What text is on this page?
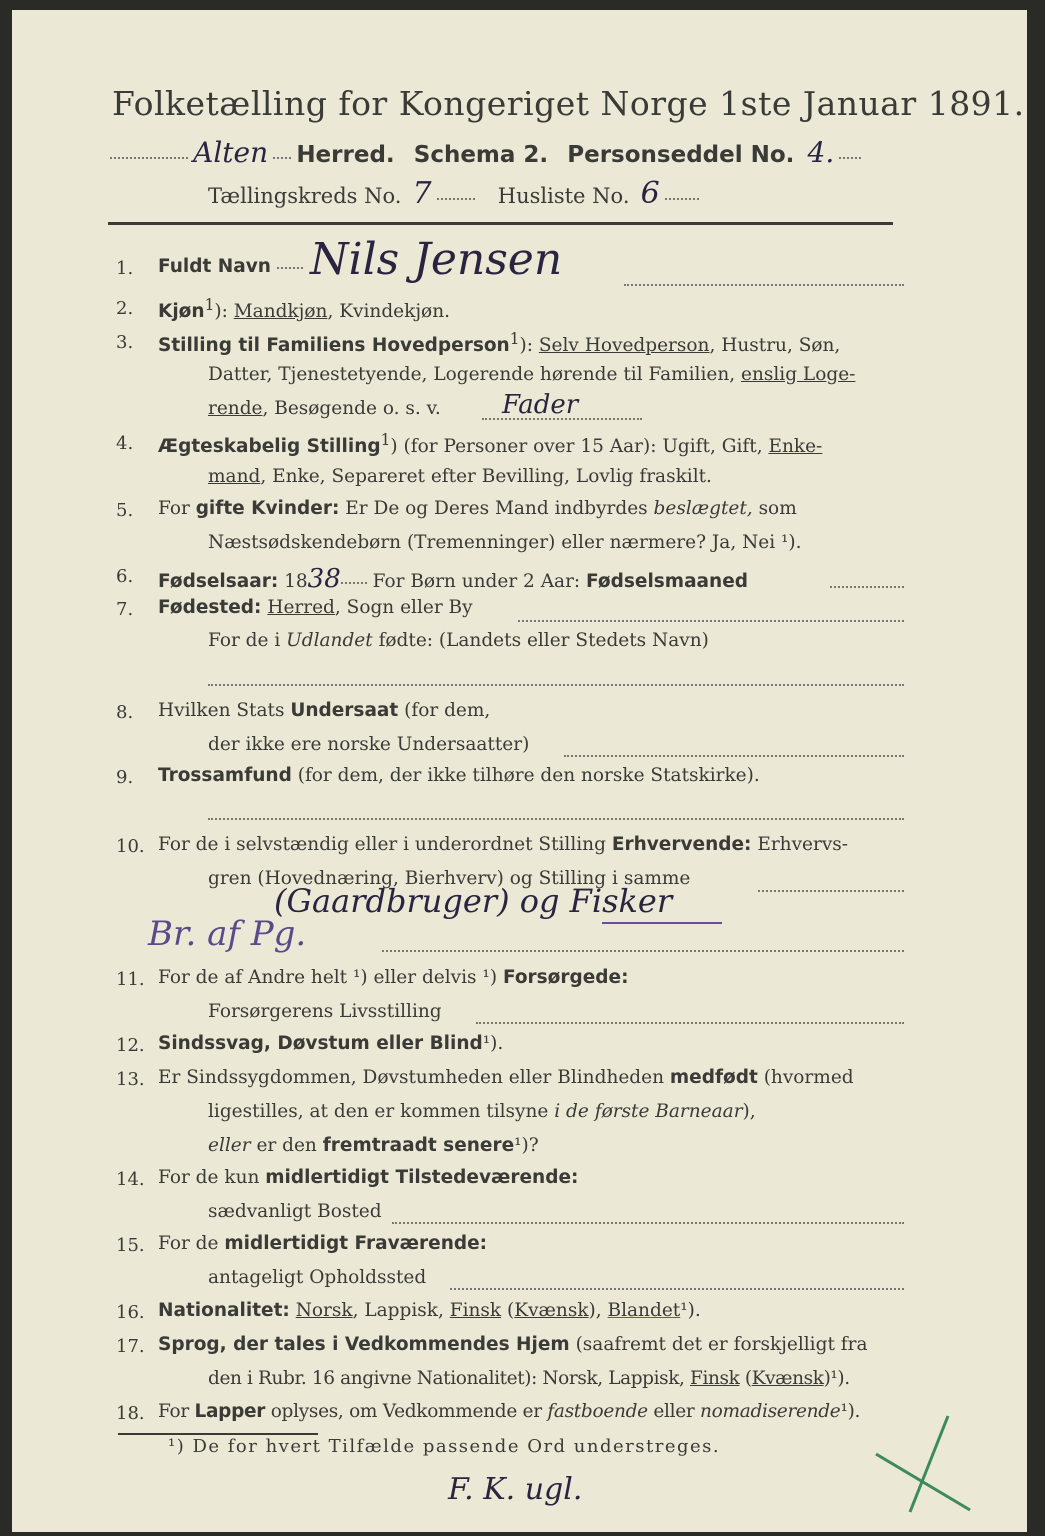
Folketælling for Kongeriget Norge 1ste Januar 1891.
Alten Herred. Schema 2. Personseddel No. 4.
Tællingskreds No. 7	Husliste No. 6
1. Fuldt Navn Nils Jensen
2. Kjøn$^1$): Mandkjøn, Kvindekjøn.
3. Stilling til Familiens Hovedperson$^1$): Selv Hovedperson, Hustru, Søn,
Datter, Tjenestetyende, Logerende hørende til Familien, enslig Loge-
rende, Besøgende o. s. v. Fader
4. Ægteskabelig Stilling$^1$) (for Personer over 15 Aar): Ugift, Gift, Enke-
mand, Enke, Separeret efter Bevilling, Lovlig fraskilt.
5. For gifte Kvinder: Er De og Deres Mand indbyrdes beslægtet, som
Næstsødskendebørn (Tremenninger) eller nærmere? Ja, Nei ¹).
6. Fødselsaar: 1838 For Børn under 2 Aar: Fødselsmaaned
7. Fødested: Herred, Sogn eller By
For de i Udlandet fødte: (Landets eller Stedets Navn)
8. Hvilken Stats Undersaat (for dem,
der ikke ere norske Undersaatter)
9. Trossamfund (for dem, der ikke tilhøre den norske Statskirke).
10. For de i selvstændig eller i underordnet Stilling Erhvervende: Erhvervs-
gren (Hovednæring, Bierhverv) og Stilling i samme
(Gaardbruger) og Fisker
Br. af Pg.
11. For de af Andre helt ¹) eller delvis ¹) Forsørgede:
Forsørgerens Livsstilling
12. Sindssvag, Døvstum eller Blind¹).
13. Er Sindssygdommen, Døvstumheden eller Blindheden medfødt (hvormed
ligestilles, at den er kommen tilsyne i de første Barneaar),
eller er den fremtraadt senere¹)?
14. For de kun midlertidigt Tilstedeværende:
sædvanligt Bosted
15. For de midlertidigt Fraværende:
antageligt Opholdssted
16. Nationalitet: Norsk, Lappisk, Finsk (Kvænsk), Blandet¹).
17. Sprog, der tales i Vedkommendes Hjem (saafremt det er forskjelligt fra
den i Rubr. 16 angivne Nationalitet): Norsk, Lappisk, Finsk (Kvænsk)¹).
18. For Lapper oplyses, om Vedkommende er fastboende eller nomadiserende¹).
¹) De for hvert Tilfælde passende Ord understreges.
F. K. ugl.
